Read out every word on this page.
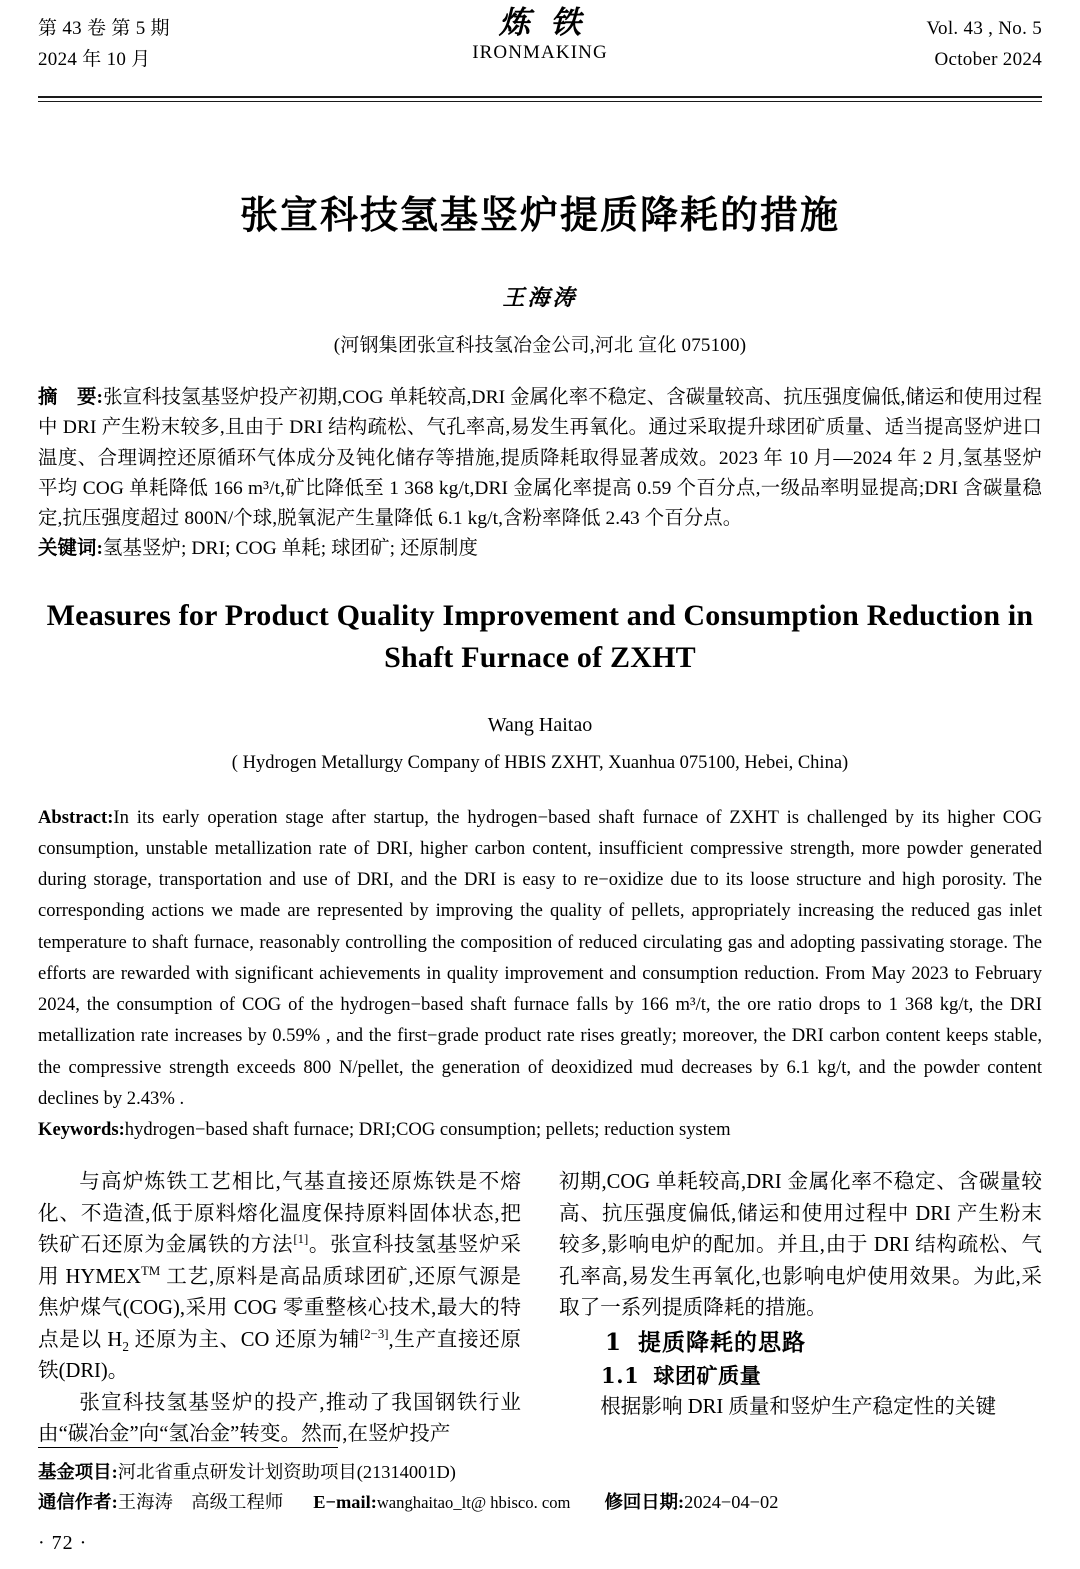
第 43 卷 第 5 期
2024 年 10 月
炼铁
IRONMAKING
Vol. 43 , No. 5
October 2024
张宣科技氢基竖炉提质降耗的措施
王海涛
(河钢集团张宣科技氢冶金公司,河北 宣化 075100)

摘　要:张宣科技氢基竖炉投产初期,COG 单耗较高,DRI 金属化率不稳定、含碳量较高、抗压强度偏低,储运和使用过程中 DRI 产生粉末较多,且由于 DRI 结构疏松、气孔率高,易发生再氧化。通过采取提升球团矿质量、适当提高竖炉进口温度、合理调控还原循环气体成分及钝化储存等措施,提质降耗取得显著成效。2023 年 10 月—2024 年 2 月,氢基竖炉平均 COG 单耗降低 166 m³/t,矿比降低至 1 368 kg/t,DRI 金属化率提高 0.59 个百分点,一级品率明显提高;DRI 含碳量稳定,抗压强度超过 800N/个球,脱氧泥产生量降低 6.1 kg/t,含粉率降低 2.43 个百分点。

关键词:氢基竖炉; DRI; COG 单耗; 球团矿; 还原制度

Measures for Product Quality Improvement and Consumption Reduction in Shaft Furnace of ZXHT
Wang Haitao
( Hydrogen Metallurgy Company of HBIS ZXHT, Xuanhua 075100, Hebei, China)

Abstract:In its early operation stage after startup, the hydrogen−based shaft furnace of ZXHT is challenged by its higher COG consumption, unstable metallization rate of DRI, higher carbon content, insufficient compressive strength, more powder generated during storage, transportation and use of DRI, and the DRI is easy to re−oxidize due to its loose structure and high porosity. The corresponding actions we made are represented by improving the quality of pellets, appropriately increasing the reduced gas inlet temperature to shaft furnace, reasonably controlling the composition of reduced circulating gas and adopting passivating storage. The efforts are rewarded with significant achievements in quality improvement and consumption reduction. From May 2023 to February 2024, the consumption of COG of the hydrogen−based shaft furnace falls by 166 m³/t, the ore ratio drops to 1 368 kg/t, the DRI metallization rate increases by 0.59% , and the first−grade product rate rises greatly; moreover, the DRI carbon content keeps stable, the compressive strength exceeds 800 N/pellet, the generation of deoxidized mud decreases by 6.1 kg/t, and the powder content declines by 2.43% .

Keywords:hydrogen−based shaft furnace; DRI;COG consumption; pellets; reduction system

与高炉炼铁工艺相比,气基直接还原炼铁是不熔化、不造渣,低于原料熔化温度保持原料固体状态,把铁矿石还原为金属铁的方法[1]。张宣科技氢基竖炉采用 HYMEX™ 工艺,原料是高品质球团矿,还原气源是焦炉煤气(COG),采用 COG 零重整核心技术,最大的特点是以 $H_2$ 还原为主、CO 还原为辅[2−3],生产直接还原铁(DRI)。

张宣科技氢基竖炉的投产,推动了我国钢铁行业由“碳冶金”向“氢冶金”转变。然而,在竖炉投产

初期,COG 单耗较高,DRI 金属化率不稳定、含碳量较高、抗压强度偏低,储运和使用过程中 DRI 产生粉末较多,影响电炉的配加。并且,由于 DRI 结构疏松、气孔率高,易发生再氧化,也影响电炉使用效果。为此,采取了一系列提质降耗的措施。

1 提质降耗的思路

1.1 球团矿质量

根据影响 DRI 质量和竖炉生产稳定性的关键

基金项目:河北省重点研发计划资助项目(21314001D)

通信作者:王海涛　高级工程师 E−mail:wanghaitao_lt@ hbisco. com 修回日期:2024−04−02

· 72 ·
